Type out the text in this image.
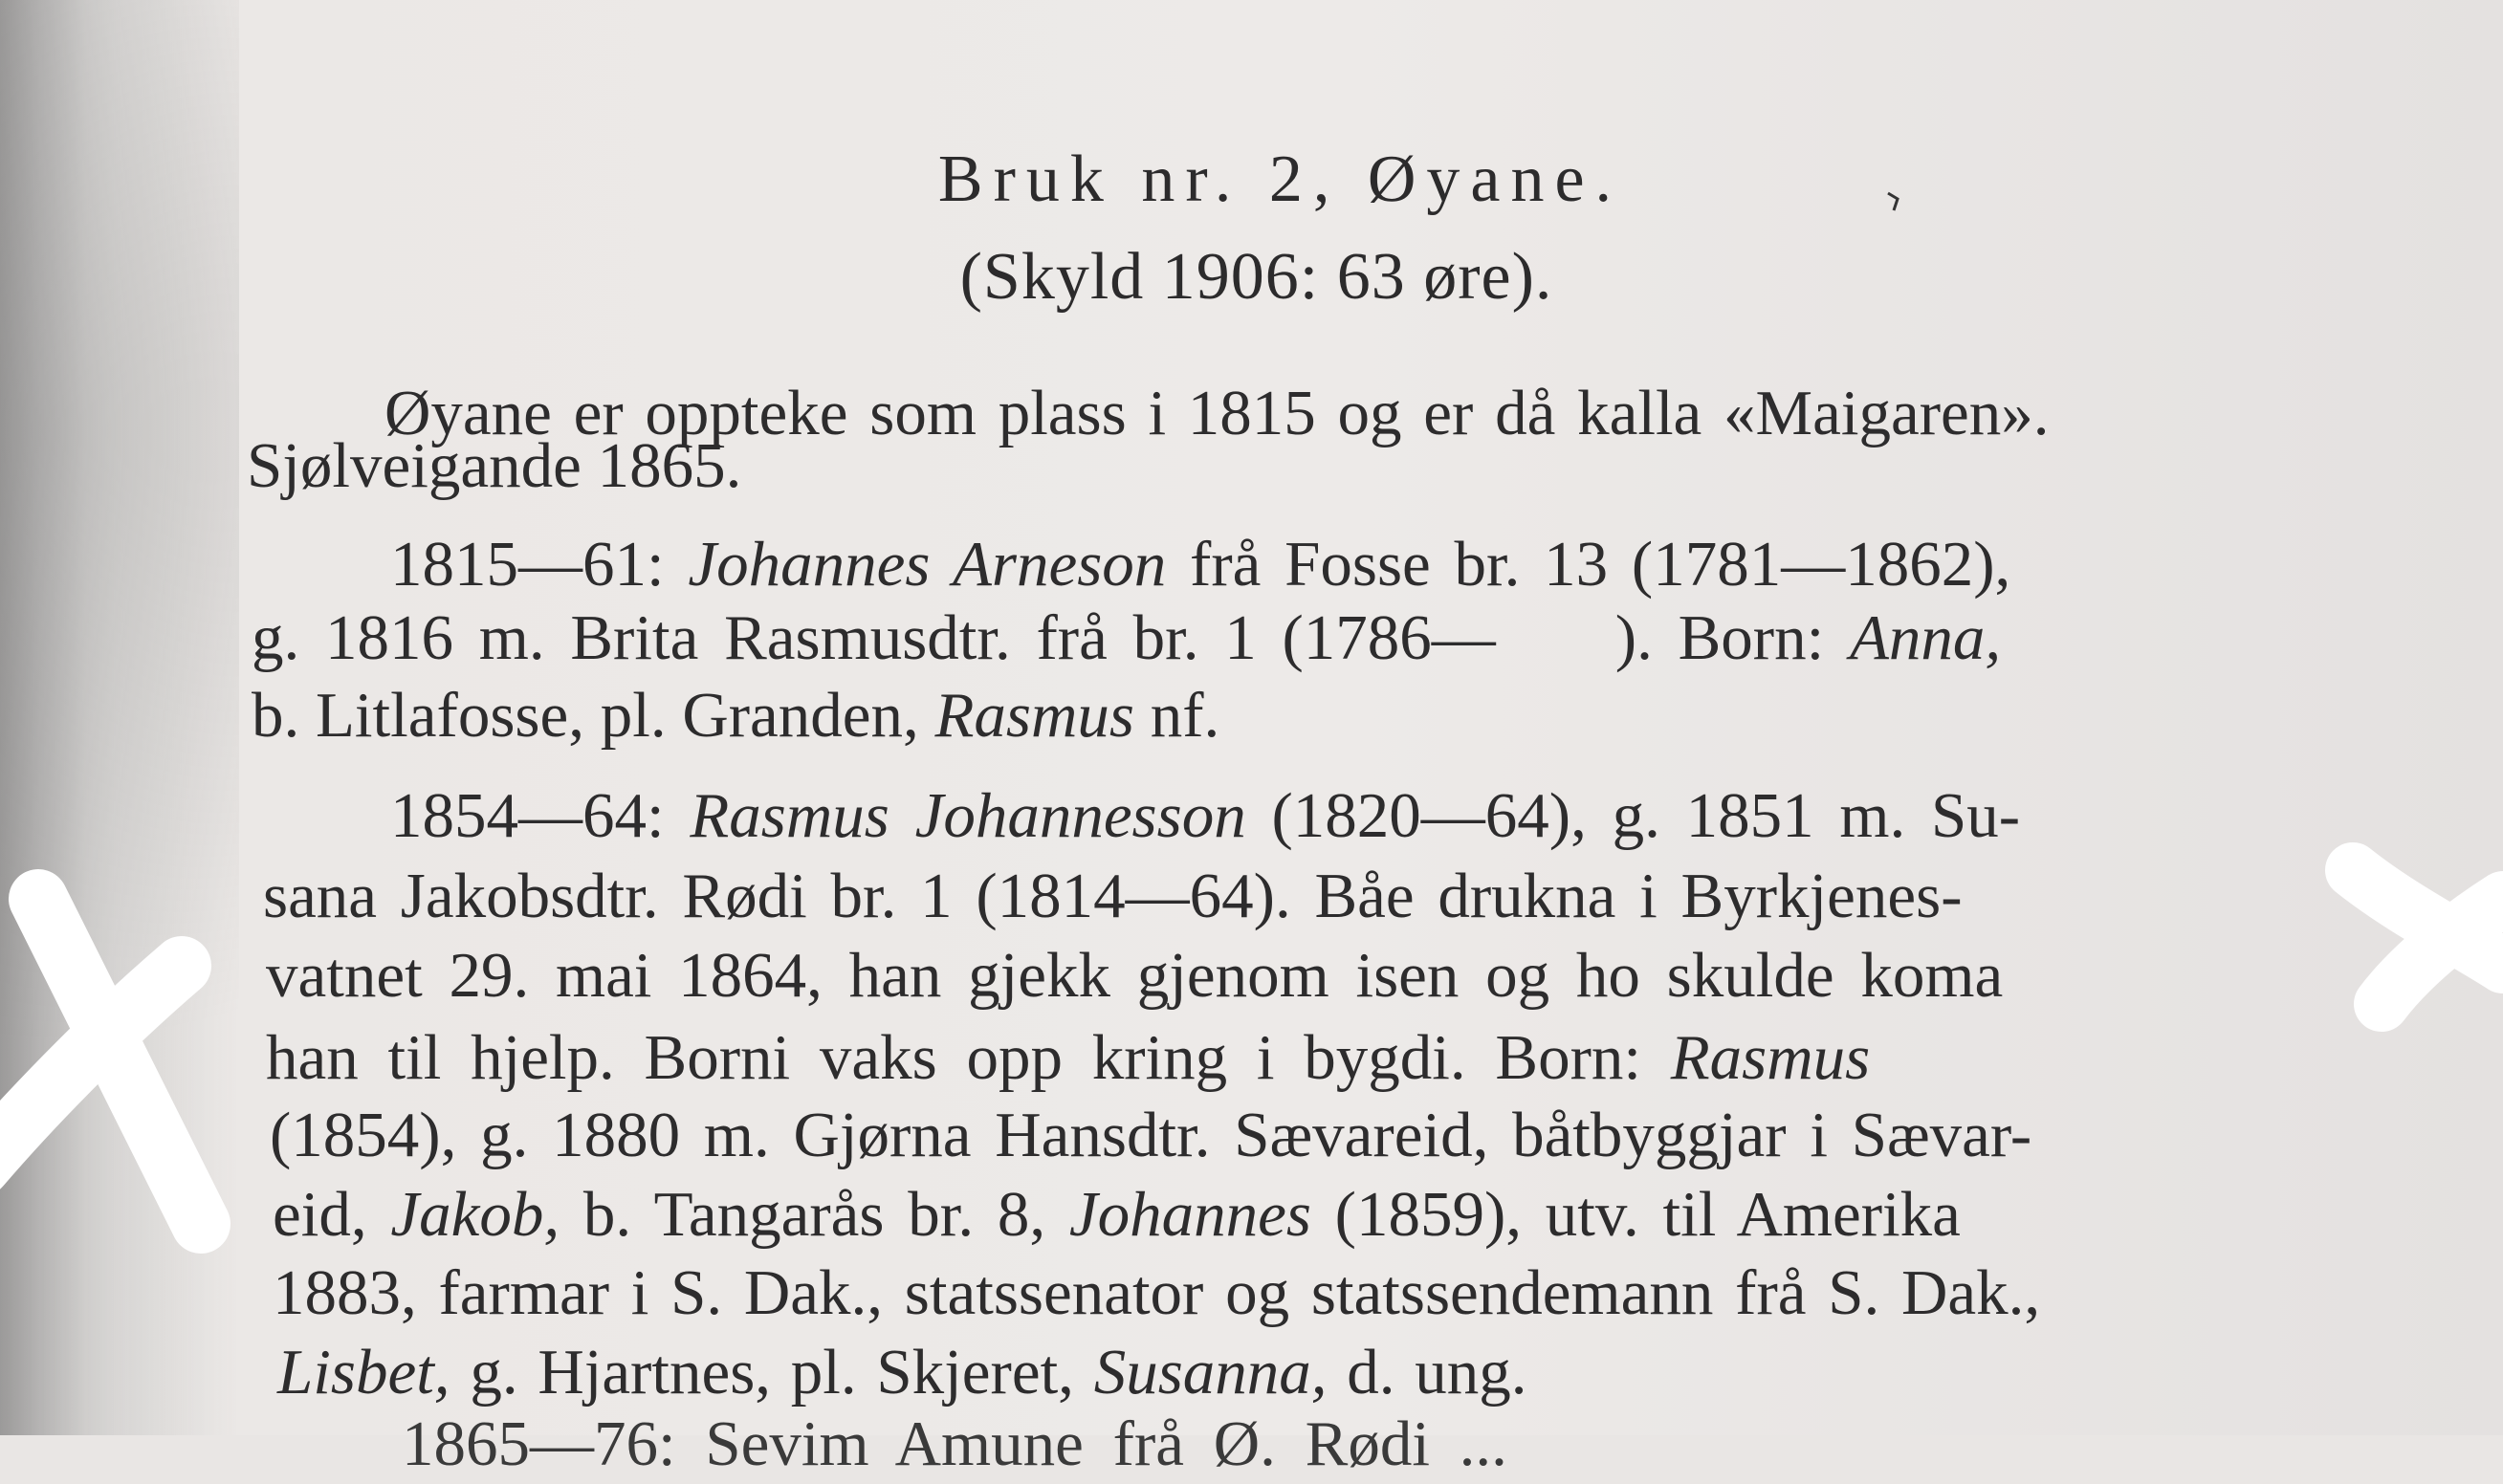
Bruk nr. 2, Øyane.
(Skyld 1906: 63 øre).
Øyane er oppteke som plass i 1815 og er då kalla «Maigaren».
Sjølveigande 1865.
1815—61: Johannes Arneson frå Fosse br. 13 (1781—1862),
g. 1816 m. Brita Rasmusdtr. frå br. 1 (1786— ). Born: Anna,
b. Litlafosse, pl. Granden, Rasmus nf.
1854—64: Rasmus Johannesson (1820—64), g. 1851 m. Su-
sana Jakobsdtr. Rødi br. 1 (1814—64). Båe drukna i Byrkjenes-
vatnet 29. mai 1864, han gjekk gjenom isen og ho skulde koma
han til hjelp. Borni vaks opp kring i bygdi. Born: Rasmus
(1854), g. 1880 m. Gjørna Hansdtr. Sævareid, båtbyggjar i Sævar-
eid, Jakob, b. Tangarås br. 8, Johannes (1859), utv. til Amerika
1883, farmar i S. Dak., statssenator og statssendemann frå S. Dak.,
Lisbet, g. Hjartnes, pl. Skjeret, Susanna, d. ung.
1865—76: Sevim Amune frå Ø. Rødi ...
